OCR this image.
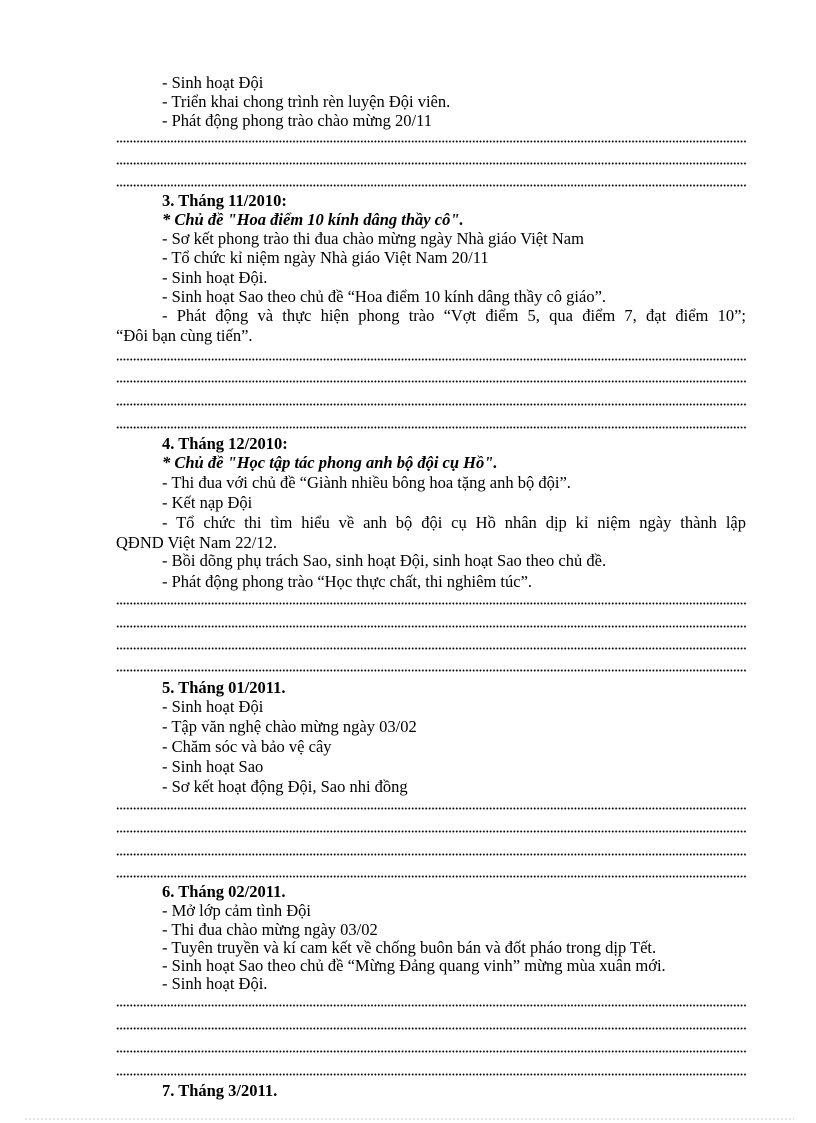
- Sinh hoạt Đội
- Triển khai chong trình rèn luyện Đội viên.
- Phát động phong trào chào mừng 20/11
3. Tháng 11/2010:
* Chủ đề "Hoa điểm 10 kính dâng thầy cô".
- Sơ kết phong trào thi đua chào mừng ngày Nhà giáo Việt Nam
- Tổ chức kỉ niệm ngày Nhà giáo Việt Nam 20/11
- Sinh hoạt Đội.
- Sinh hoạt Sao theo chủ đề “Hoa điểm 10 kính dâng thầy cô giáo”.
- Phát động và thực hiện phong trào “Vợt điểm 5, qua điểm 7, đạt điểm 10”;
“Đôi bạn cùng tiến”.
4. Tháng 12/2010:
* Chủ đề "Học tập tác phong anh bộ đội cụ Hồ".
- Thi đua với chủ đề “Giành nhiều bông hoa tặng anh bộ đội”.
- Kết nạp Đội
- Tổ chức thi tìm hiểu về anh bộ đội cụ Hồ nhân dịp kỉ niệm ngày thành lập
QĐND Việt Nam 22/12.
- Bồi dõng phụ trách Sao, sinh hoạt Đội, sinh hoạt Sao theo chủ đề.
- Phát động phong trào “Học thực chất, thi nghiêm túc”.
5. Tháng 01/2011.
- Sinh hoạt Đội
- Tập văn nghệ chào mừng ngày 03/02
- Chăm sóc và bảo vệ cây
- Sinh hoạt Sao
- Sơ kết hoạt động Đội, Sao nhi đồng
6. Tháng 02/2011.
- Mở lớp cảm tình Đội
- Thi đua chào mừng ngày 03/02
- Tuyên truyền và kí cam kết về chống buôn bán và đốt pháo trong dịp Tết.
- Sinh hoạt Sao theo chủ đề “Mừng Đảng quang vinh” mừng mùa xuân mới.
- Sinh hoạt Đội.
7. Tháng 3/2011.
